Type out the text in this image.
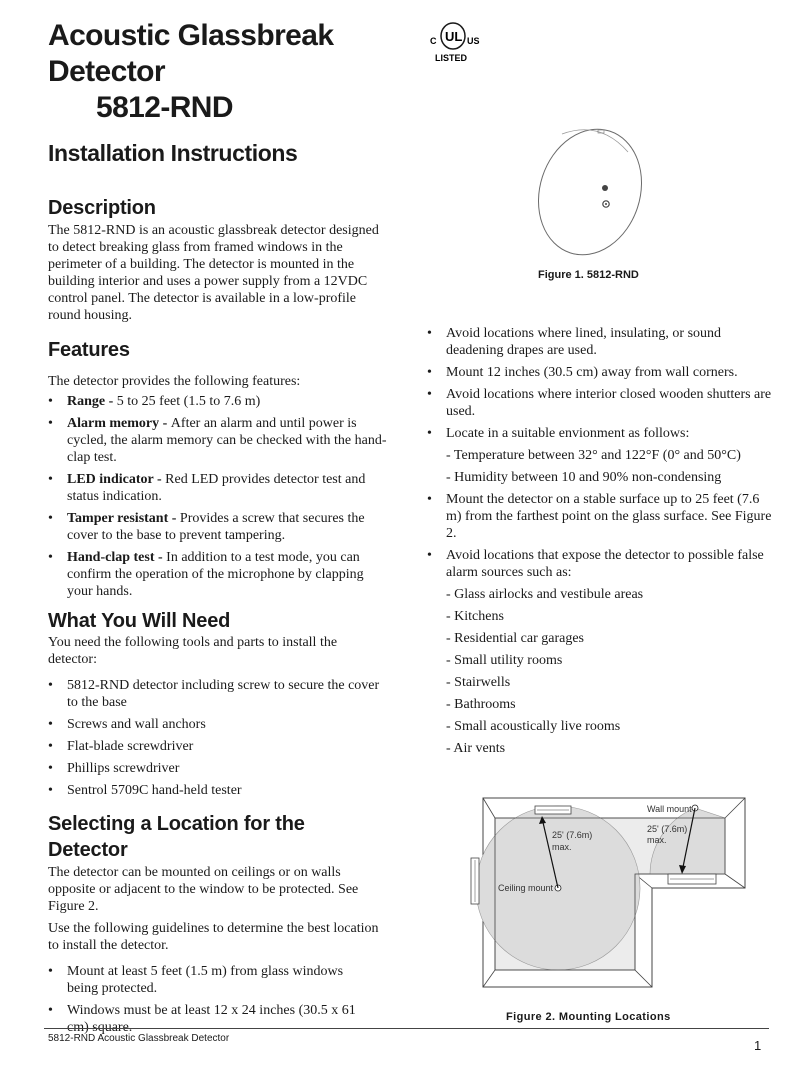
Acoustic Glassbreak
Detector
5812-RND
Installation Instructions
C UL US
LISTED
Description
The 5812-RND is an acoustic glassbreak detector designed to detect breaking glass from framed windows in the perimeter of a building. The detector is mounted in the building interior and uses a power supply from a 12VDC control panel. The detector is available in a low-profile round housing.
Features
The detector provides the following features:
• Range - 5 to 25 feet (1.5 to 7.6 m)
• Alarm memory - After an alarm and until power is cycled, the alarm memory can be checked with the hand-clap test.
• LED indicator - Red LED provides detector test and status indication.
• Tamper resistant - Provides a screw that secures the cover to the base to prevent tampering.
• Hand-clap test - In addition to a test mode, you can confirm the operation of the microphone by clapping your hands.
What You Will Need
You need the following tools and parts to install the detector:
• 5812-RND detector including screw to secure the cover to the base
• Screws and wall anchors
• Flat-blade screwdriver
• Phillips screwdriver
• Sentrol 5709C hand-held tester
Selecting a Location for the Detector
The detector can be mounted on ceilings or on walls opposite or adjacent to the window to be protected. See Figure 2.
Use the following guidelines to determine the best location to install the detector.
• Mount at least 5 feet (1.5 m) from glass windows being protected.
• Windows must be at least 12 x 24 inches (30.5 x 61 cm) square.
Figure 1. 5812-RND
• Avoid locations where lined, insulating, or sound deadening drapes are used.
• Mount 12 inches (30.5 cm) away from wall corners.
• Avoid locations where interior closed wooden shutters are used.
• Locate in a suitable envionment as follows:
- Temperature between 32° and 122°F (0° and 50°C)
- Humidity between 10 and 90% non-condensing
• Mount the detector on a stable surface up to 25 feet (7.6 m) from the farthest point on the glass surface. See Figure 2.
• Avoid locations that expose the detector to possible false alarm sources such as:
- Glass airlocks and vestibule areas
- Kitchens
- Residential car garages
- Small utility rooms
- Stairwells
- Bathrooms
- Small acoustically live rooms
- Air vents
Wall mount
Ceiling mount
25' (7.6m)
max.
25' (7.6m)
max.
Figure 2. Mounting Locations
5812-RND Acoustic Glassbreak Detector	1
